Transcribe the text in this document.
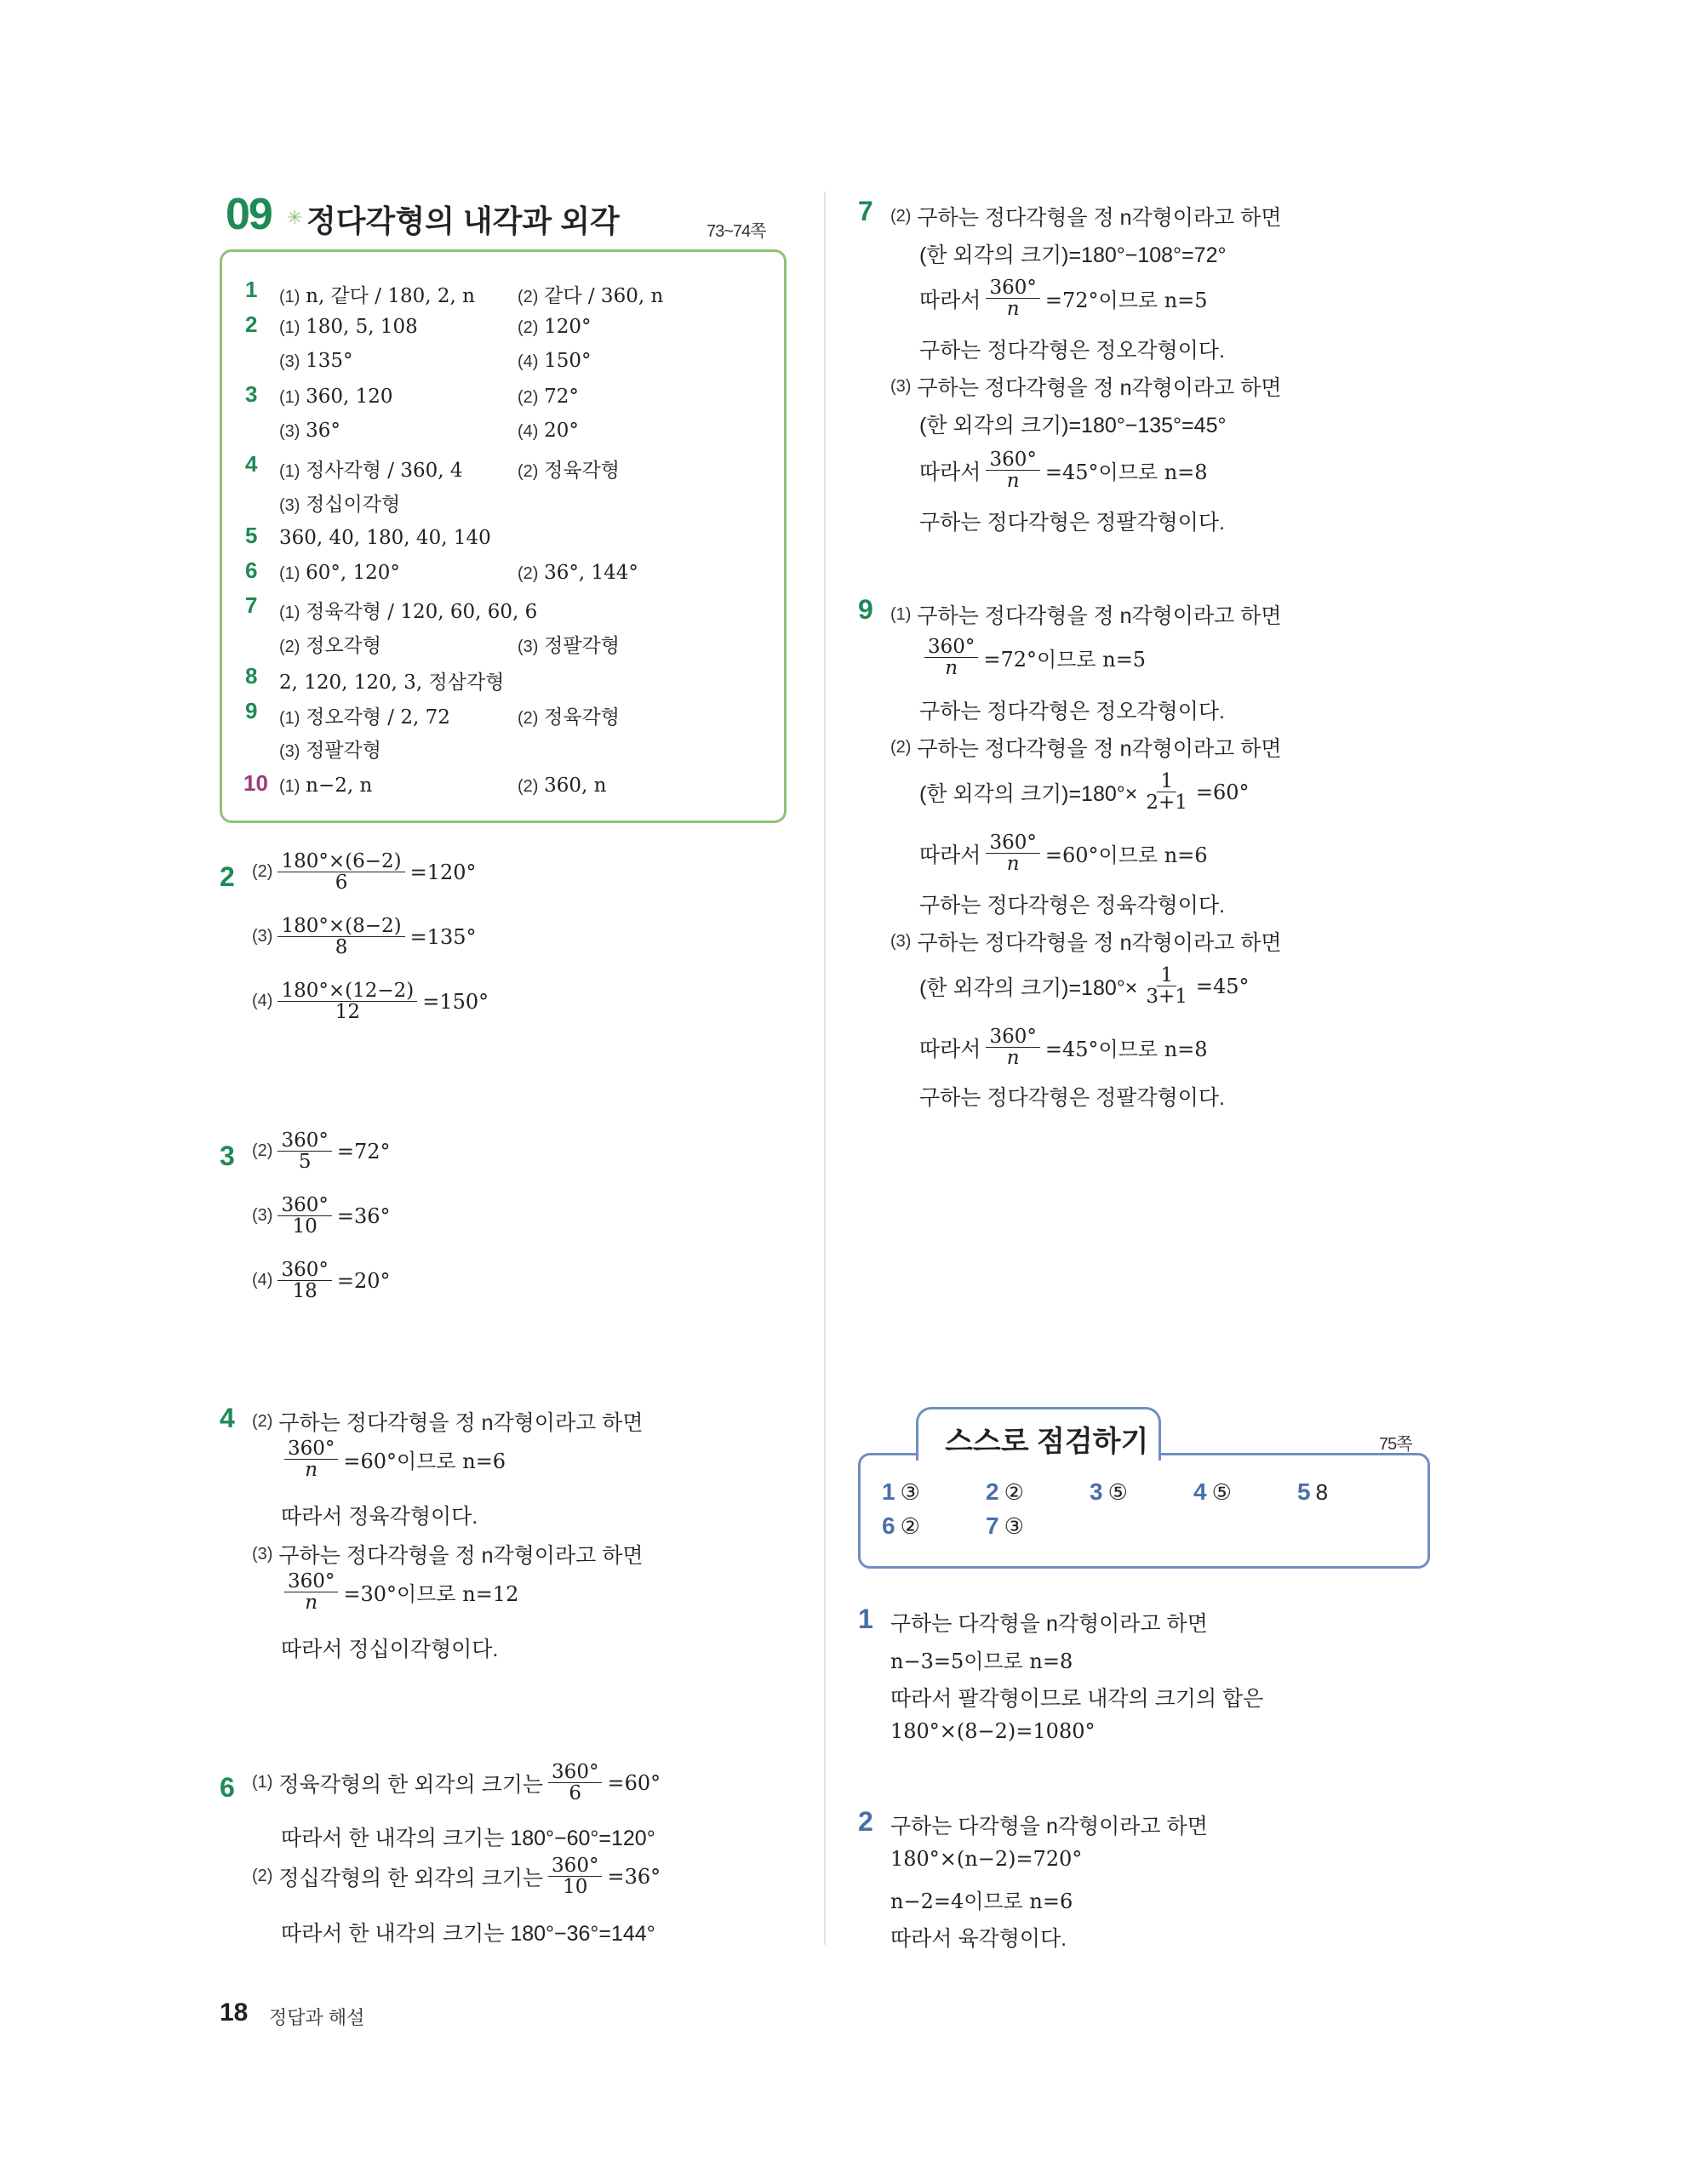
09 ✳ 정다각형의 내각과 외각	73~74쪽
1 (1) n, 같다 / 180, 2, n	(2) 같다 / 360, n
2 (1) 180, 5, 108	(2) 120°
(3) 135°	(4) 150°
3 (1) 360, 120	(2) 72°
(3) 36°	(4) 20°
4 (1) 정사각형 / 360, 4	(2) 정육각형
(3) 정십이각형
5 360, 40, 180, 40, 140
6 (1) 60°, 120°	(2) 36°, 144°
7 (1) 정육각형 / 120, 60, 60, 6
(2) 정오각형	(3) 정팔각형
8 2, 120, 120, 3, 정삼각형
9 (1) 정오각형 / 2, 72	(2) 정육각형
(3) 정팔각형
10 (1) n−2, n	(2) 360, n
2 $(2) \frac{180^\circ\times(6-2)}{6} =120^\circ$
$(3) \frac{180^\circ\times(8-2)}{8} =135^\circ$
$(4) \frac{180^\circ\times(12-2)}{12} =150^\circ$
3 $(2) \frac{360^\circ}{5} =72^\circ$
$(3) \frac{360^\circ}{10} =36^\circ$
$(4) \frac{360^\circ}{18} =20^\circ$
4 (2)
구하는 정다각형을 정 n각형이라고 하면
$\frac{360^\circ}{n} =60^\circ$이므로 n=6
따라서 정육각형이다.
(3)
구하는 정다각형을 정 n각형이라고 하면
$\frac{360^\circ}{n} =30^\circ$이므로 n=12
따라서 정십이각형이다.
6 (1)
정육각형의 한 외각의 크기는 $\frac{360^\circ}{6} =60^\circ$
따라서 한 내각의 크기는 180°−60°=120°
(2)
정십각형의 한 외각의 크기는 $\frac{360^\circ}{10} =36^\circ$
따라서 한 내각의 크기는 180°−36°=144°
7 (2)
구하는 정다각형을 정 n각형이라고 하면
(한 외각의 크기)=180°−108°=72°
따라서 $\frac{360^\circ}{n} =72^\circ$이므로 n=5
구하는 정다각형은 정오각형이다.
(3)
구하는 정다각형을 정 n각형이라고 하면
(한 외각의 크기)=180°−135°=45°
따라서 $\frac{360^\circ}{n} =45^\circ$이므로 n=8
구하는 정다각형은 정팔각형이다.
9 (1)
구하는 정다각형을 정 n각형이라고 하면
$\frac{360^\circ}{n} =72^\circ$이므로 n=5
구하는 정다각형은 정오각형이다.
(2)
구하는 정다각형을 정 n각형이라고 하면
(한 외각의 크기)$=180^\circ\times \frac{1}{2+1} =60^\circ$
따라서 $\frac{360^\circ}{n} =60^\circ$이므로 n=6
구하는 정다각형은 정육각형이다.
(3)
구하는 정다각형을 정 n각형이라고 하면
(한 외각의 크기)$=180^\circ\times \frac{1}{3+1} =45^\circ$
따라서 $\frac{360^\circ}{n} =45^\circ$이므로 n=8
구하는 정다각형은 정팔각형이다.
스스로 점검하기	75쪽
1 ③	2 ②	3 ⑤	4 ⑤	5 8
6 ②	7 ③
1 구하는 다각형을 n각형이라고 하면
n−3=5이므로 n=8
따라서 팔각형이므로 내각의 크기의 합은
180°×(8−2)=1080°
2 구하는 다각형을 n각형이라고 하면
180°×(n−2)=720°
n−2=4이므로 n=6
따라서 육각형이다.
18 정답과 해설
